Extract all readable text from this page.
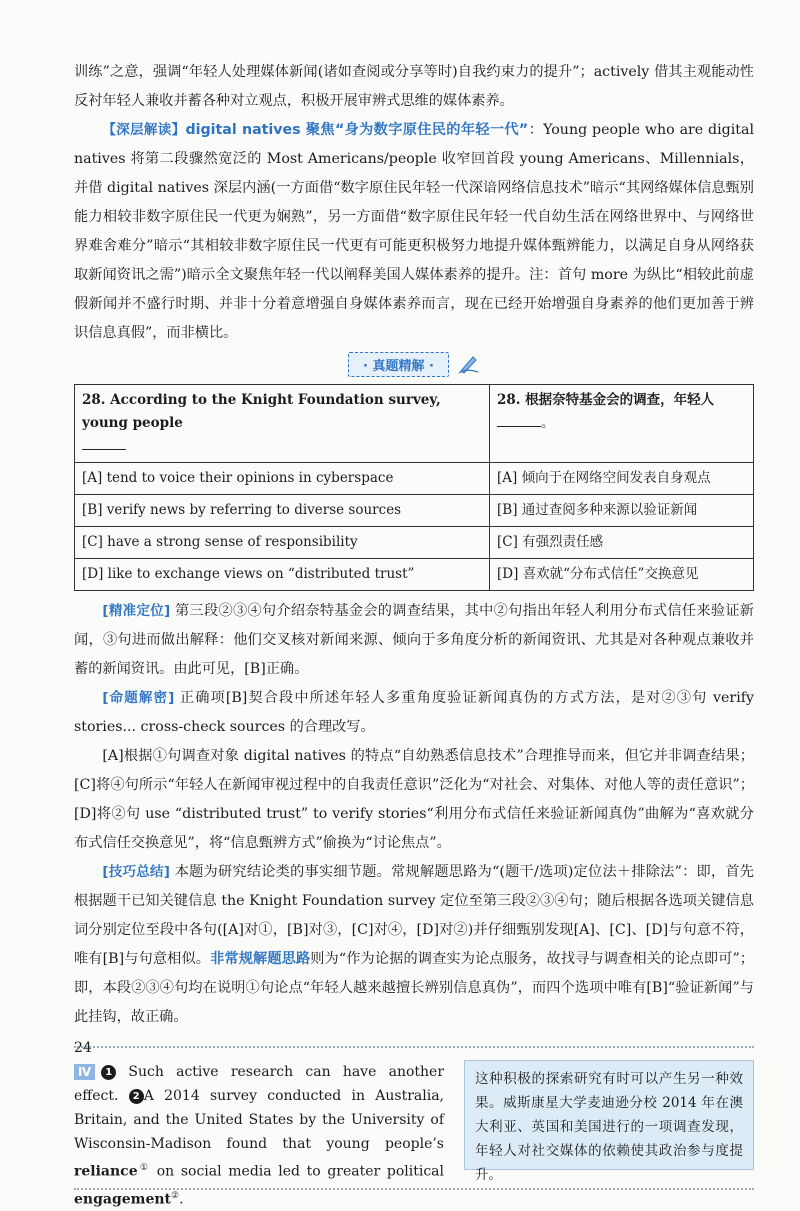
训练”之意，强调“年轻人处理媒体新闻(诸如查阅或分享等时)自我约束力的提升”；actively 借其主观能动性反衬年轻人兼收并蓄各种对立观点，积极开展审辨式思维的媒体素养。

【深层解读】digital natives 聚焦“身为数字原住民的年轻一代”：Young people who are digital natives 将第二段骤然宽泛的 Most Americans/people 收窄回首段 young Americans、Millennials，并借 digital natives 深层内涵(一方面借“数字原住民年轻一代深谙网络信息技术”暗示“其网络媒体信息甄别能力相较非数字原住民一代更为娴熟”，另一方面借“数字原住民年轻一代自幼生活在网络世界中、与网络世界难舍难分”暗示“其相较非数字原住民一代更有可能更积极努力地提升媒体甄辨能力，以满足自身从网络获取新闻资讯之需”)暗示全文聚焦年轻一代以阐释美国人媒体素养的提升。注：首句 more 为纵比“相较此前虚假新闻并不盛行时期、并非十分着意增强自身媒体素养而言，现在已经开始增强自身素养的他们更加善于辨识信息真假”，而非横比。

· 真题精解 ·
28. According to the Knight Foundation survey, young people	28. 根据奈特基金会的调查，年轻人
。
[A] tend to voice their opinions in cyberspace	[A] 倾向于在网络空间发表自身观点
[B] verify news by referring to diverse sources	[B] 通过查阅多种来源以验证新闻
[C] have a strong sense of responsibility	[C] 有强烈责任感
[D] like to exchange views on “distributed trust”	[D] 喜欢就“分布式信任”交换意见

[精准定位] 第三段②③④句介绍奈特基金会的调查结果，其中②句指出年轻人利用分布式信任来验证新闻，③句进而做出解释：他们交叉核对新闻来源、倾向于多角度分析的新闻资讯、尤其是对各种观点兼收并蓄的新闻资讯。由此可见，[B]正确。

[命题解密] 正确项[B]契合段中所述年轻人多重角度验证新闻真伪的方式方法，是对②③句 verify stories... cross-check sources 的合理改写。

[A]根据①句调查对象 digital natives 的特点“自幼熟悉信息技术”合理推导而来，但它并非调查结果；[C]将④句所示“年轻人在新闻审视过程中的自我责任意识”泛化为“对社会、对集体、对他人等的责任意识”；[D]将②句 use “distributed trust” to verify stories“利用分布式信任来验证新闻真伪”曲解为“喜欢就分布式信任交换意见”，将“信息甄辨方式”偷换为“讨论焦点”。

[技巧总结] 本题为研究结论类的事实细节题。常规解题思路为“(题干/选项)定位法＋排除法”：即，首先根据题干已知关键信息 the Knight Foundation survey 定位至第三段②③④句；随后根据各选项关键信息词分别定位至段中各句([A]对①，[B]对③，[C]对④，[D]对②)并仔细甄别发现[A]、[C]、[D]与句意不符，唯有[B]与句意相似。非常规解题思路则为“作为论据的调查实为论点服务，故找寻与调查相关的论点即可”；即，本段②③④句均在说明①句论点“年轻人越来越擅长辨别信息真伪”，而四个选项中唯有[B]“验证新闻”与此挂钩，故正确。

Ⅳ 1 Such active research can have another effect. 2 A 2014 survey conducted in Australia, Britain, and the United States by the University of Wisconsin-Madison found that young people’s reliance① on social media led to greater political engagement②.
这种积极的探索研究有时可以产生另一种效果。威斯康星大学麦迪逊分校 2014 年在澳大利亚、英国和美国进行的一项调查发现，年轻人对社交媒体的依赖使其政治参与度提升。
24
